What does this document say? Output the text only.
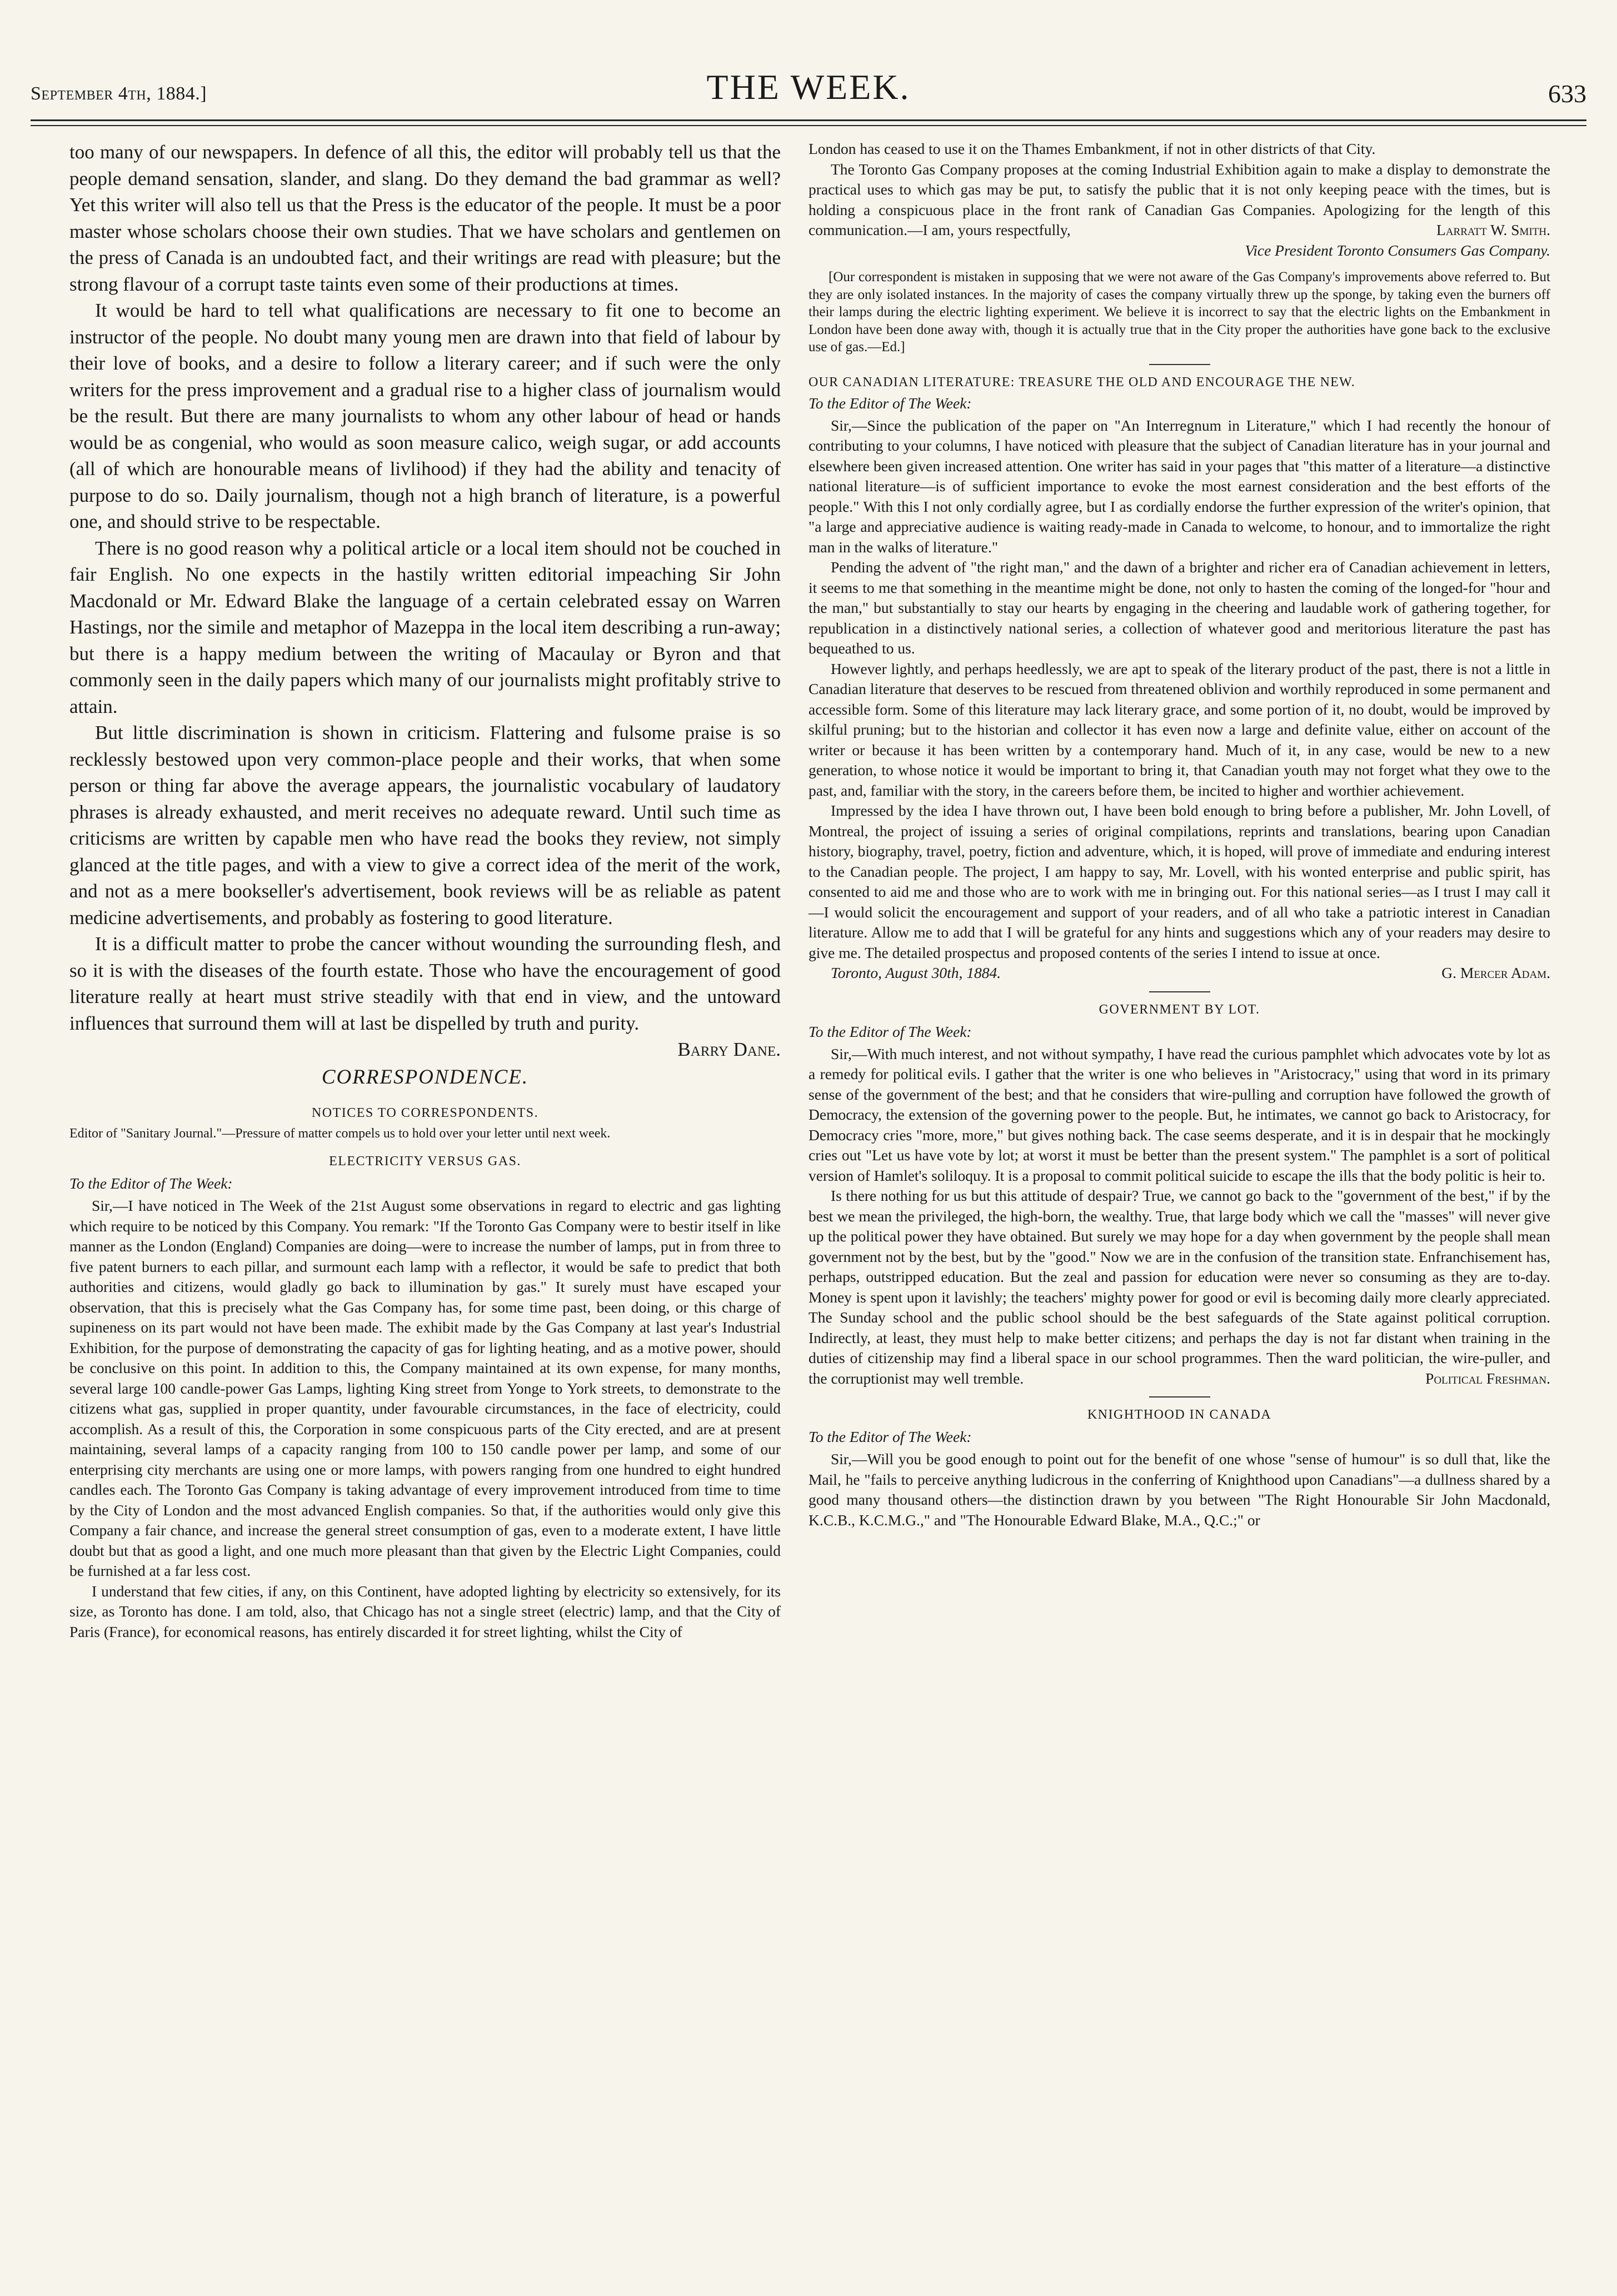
September 4th, 1884.]	THE WEEK.	633

too many of our newspapers. In defence of all this, the editor will probably tell us that the people demand sensation, slander, and slang. Do they demand the bad grammar as well? Yet this writer will also tell us that the Press is the educator of the people. It must be a poor master whose scholars choose their own studies. That we have scholars and gentlemen on the press of Canada is an undoubted fact, and their writings are read with pleasure; but the strong flavour of a corrupt taste taints even some of their productions at times.

It would be hard to tell what qualifications are necessary to fit one to become an instructor of the people. No doubt many young men are drawn into that field of labour by their love of books, and a desire to follow a literary career; and if such were the only writers for the press improvement and a gradual rise to a higher class of journalism would be the result. But there are many journalists to whom any other labour of head or hands would be as congenial, who would as soon measure calico, weigh sugar, or add accounts (all of which are honourable means of livlihood) if they had the ability and tenacity of purpose to do so. Daily journalism, though not a high branch of literature, is a powerful one, and should strive to be respectable.

There is no good reason why a political article or a local item should not be couched in fair English. No one expects in the hastily written editorial impeaching Sir John Macdonald or Mr. Edward Blake the language of a certain celebrated essay on Warren Hastings, nor the simile and metaphor of Mazeppa in the local item describing a run-away; but there is a happy medium between the writing of Macaulay or Byron and that commonly seen in the daily papers which many of our journalists might profitably strive to attain.

But little discrimination is shown in criticism. Flattering and fulsome praise is so recklessly bestowed upon very common-place people and their works, that when some person or thing far above the average appears, the journalistic vocabulary of laudatory phrases is already exhausted, and merit receives no adequate reward. Until such time as criticisms are written by capable men who have read the books they review, not simply glanced at the title pages, and with a view to give a correct idea of the merit of the work, and not as a mere bookseller's advertisement, book reviews will be as reliable as patent medicine advertisements, and probably as fostering to good literature.

It is a difficult matter to probe the cancer without wounding the surrounding flesh, and so it is with the diseases of the fourth estate. Those who have the encouragement of good literature really at heart must strive steadily with that end in view, and the untoward influences that surround them will at last be dispelled by truth and purity.
Barry Dane.

CORRESPONDENCE.
NOTICES TO CORRESPONDENTS.

Editor of "Sanitary Journal."—Pressure of matter compels us to hold over your letter until next week.

ELECTRICITY VERSUS GAS.

To the Editor of The Week:

Sir,—I have noticed in The Week of the 21st August some observations in regard to electric and gas lighting which require to be noticed by this Company. You remark: "If the Toronto Gas Company were to bestir itself in like manner as the London (England) Companies are doing—were to increase the number of lamps, put in from three to five patent burners to each pillar, and surmount each lamp with a reflector, it would be safe to predict that both authorities and citizens, would gladly go back to illumination by gas." It surely must have escaped your observation, that this is precisely what the Gas Company has, for some time past, been doing, or this charge of supineness on its part would not have been made. The exhibit made by the Gas Company at last year's Industrial Exhibition, for the purpose of demonstrating the capacity of gas for lighting heating, and as a motive power, should be conclusive on this point. In addition to this, the Company maintained at its own expense, for many months, several large 100 candle-power Gas Lamps, lighting King street from Yonge to York streets, to demonstrate to the citizens what gas, supplied in proper quantity, under favourable circumstances, in the face of electricity, could accomplish. As a result of this, the Corporation in some conspicuous parts of the City erected, and are at present maintaining, several lamps of a capacity ranging from 100 to 150 candle power per lamp, and some of our enterprising city merchants are using one or more lamps, with powers ranging from one hundred to eight hundred candles each. The Toronto Gas Company is taking advantage of every improvement introduced from time to time by the City of London and the most advanced English companies. So that, if the authorities would only give this Company a fair chance, and increase the general street consumption of gas, even to a moderate extent, I have little doubt but that as good a light, and one much more pleasant than that given by the Electric Light Companies, could be furnished at a far less cost.

I understand that few cities, if any, on this Continent, have adopted lighting by electricity so extensively, for its size, as Toronto has done. I am told, also, that Chicago has not a single street (electric) lamp, and that the City of Paris (France), for economical reasons, has entirely discarded it for street lighting, whilst the City of

London has ceased to use it on the Thames Embankment, if not in other districts of that City.

The Toronto Gas Company proposes at the coming Industrial Exhibition again to make a display to demonstrate the practical uses to which gas may be put, to satisfy the public that it is not only keeping peace with the times, but is holding a conspicuous place in the front rank of Canadian Gas Companies. Apologizing for the length of this communication.—I am, yours respectfully,	Larratt W. Smith.

Vice President Toronto Consumers Gas Company.

[Our correspondent is mistaken in supposing that we were not aware of the Gas Company's improvements above referred to. But they are only isolated instances. In the majority of cases the company virtually threw up the sponge, by taking even the burners off their lamps during the electric lighting experiment. We believe it is incorrect to say that the electric lights on the Embankment in London have been done away with, though it is actually true that in the City proper the authorities have gone back to the exclusive use of gas.—Ed.]

OUR CANADIAN LITERATURE: TREASURE THE OLD AND ENCOURAGE THE NEW.

To the Editor of The Week:

Sir,—Since the publication of the paper on "An Interregnum in Literature," which I had recently the honour of contributing to your columns, I have noticed with pleasure that the subject of Canadian literature has in your journal and elsewhere been given increased attention. One writer has said in your pages that "this matter of a literature—a distinctive national literature—is of sufficient importance to evoke the most earnest consideration and the best efforts of the people." With this I not only cordially agree, but I as cordially endorse the further expression of the writer's opinion, that "a large and appreciative audience is waiting ready-made in Canada to welcome, to honour, and to immortalize the right man in the walks of literature."

Pending the advent of "the right man," and the dawn of a brighter and richer era of Canadian achievement in letters, it seems to me that something in the meantime might be done, not only to hasten the coming of the longed-for "hour and the man," but substantially to stay our hearts by engaging in the cheering and laudable work of gathering together, for republication in a distinctively national series, a collection of whatever good and meritorious literature the past has bequeathed to us.

However lightly, and perhaps heedlessly, we are apt to speak of the literary product of the past, there is not a little in Canadian literature that deserves to be rescued from threatened oblivion and worthily reproduced in some permanent and accessible form. Some of this literature may lack literary grace, and some portion of it, no doubt, would be improved by skilful pruning; but to the historian and collector it has even now a large and definite value, either on account of the writer or because it has been written by a contemporary hand. Much of it, in any case, would be new to a new generation, to whose notice it would be important to bring it, that Canadian youth may not forget what they owe to the past, and, familiar with the story, in the careers before them, be incited to higher and worthier achievement.

Impressed by the idea I have thrown out, I have been bold enough to bring before a publisher, Mr. John Lovell, of Montreal, the project of issuing a series of original compilations, reprints and translations, bearing upon Canadian history, biography, travel, poetry, fiction and adventure, which, it is hoped, will prove of immediate and enduring interest to the Canadian people. The project, I am happy to say, Mr. Lovell, with his wonted enterprise and public spirit, has consented to aid me and those who are to work with me in bringing out. For this national series—as I trust I may call it—I would solicit the encouragement and support of your readers, and of all who take a patriotic interest in Canadian literature. Allow me to add that I will be grateful for any hints and suggestions which any of your readers may desire to give me. The detailed prospectus and proposed contents of the series I intend to issue at once.

Toronto, August 30th, 1884.	G. Mercer Adam.
GOVERNMENT BY LOT.

To the Editor of The Week:

Sir,—With much interest, and not without sympathy, I have read the curious pamphlet which advocates vote by lot as a remedy for political evils. I gather that the writer is one who believes in "Aristocracy," using that word in its primary sense of the government of the best; and that he considers that wire-pulling and corruption have followed the growth of Democracy, the extension of the governing power to the people. But, he intimates, we cannot go back to Aristocracy, for Democracy cries "more, more," but gives nothing back. The case seems desperate, and it is in despair that he mockingly cries out "Let us have vote by lot; at worst it must be better than the present system." The pamphlet is a sort of political version of Hamlet's soliloquy. It is a proposal to commit political suicide to escape the ills that the body politic is heir to.

Is there nothing for us but this attitude of despair? True, we cannot go back to the "government of the best," if by the best we mean the privileged, the high-born, the wealthy. True, that large body which we call the "masses" will never give up the political power they have obtained. But surely we may hope for a day when government by the people shall mean government not by the best, but by the "good." Now we are in the confusion of the transition state. Enfranchisement has, perhaps, outstripped education. But the zeal and passion for education were never so consuming as they are to-day. Money is spent upon it lavishly; the teachers' mighty power for good or evil is becoming daily more clearly appreciated. The Sunday school and the public school should be the best safeguards of the State against political corruption. Indirectly, at least, they must help to make better citizens; and perhaps the day is not far distant when training in the duties of citizenship may find a liberal space in our school programmes. Then the ward politician, the wire-puller, and the corruptionist may well tremble.	Political Freshman.

KNIGHTHOOD IN CANADA

To the Editor of The Week:

Sir,—Will you be good enough to point out for the benefit of one whose "sense of humour" is so dull that, like the Mail, he "fails to perceive anything ludicrous in the conferring of Knighthood upon Canadians"—a dullness shared by a good many thousand others—the distinction drawn by you between "The Right Honourable Sir John Macdonald, K.C.B., K.C.M.G.," and "The Honourable Edward Blake, M.A., Q.C.;" or
